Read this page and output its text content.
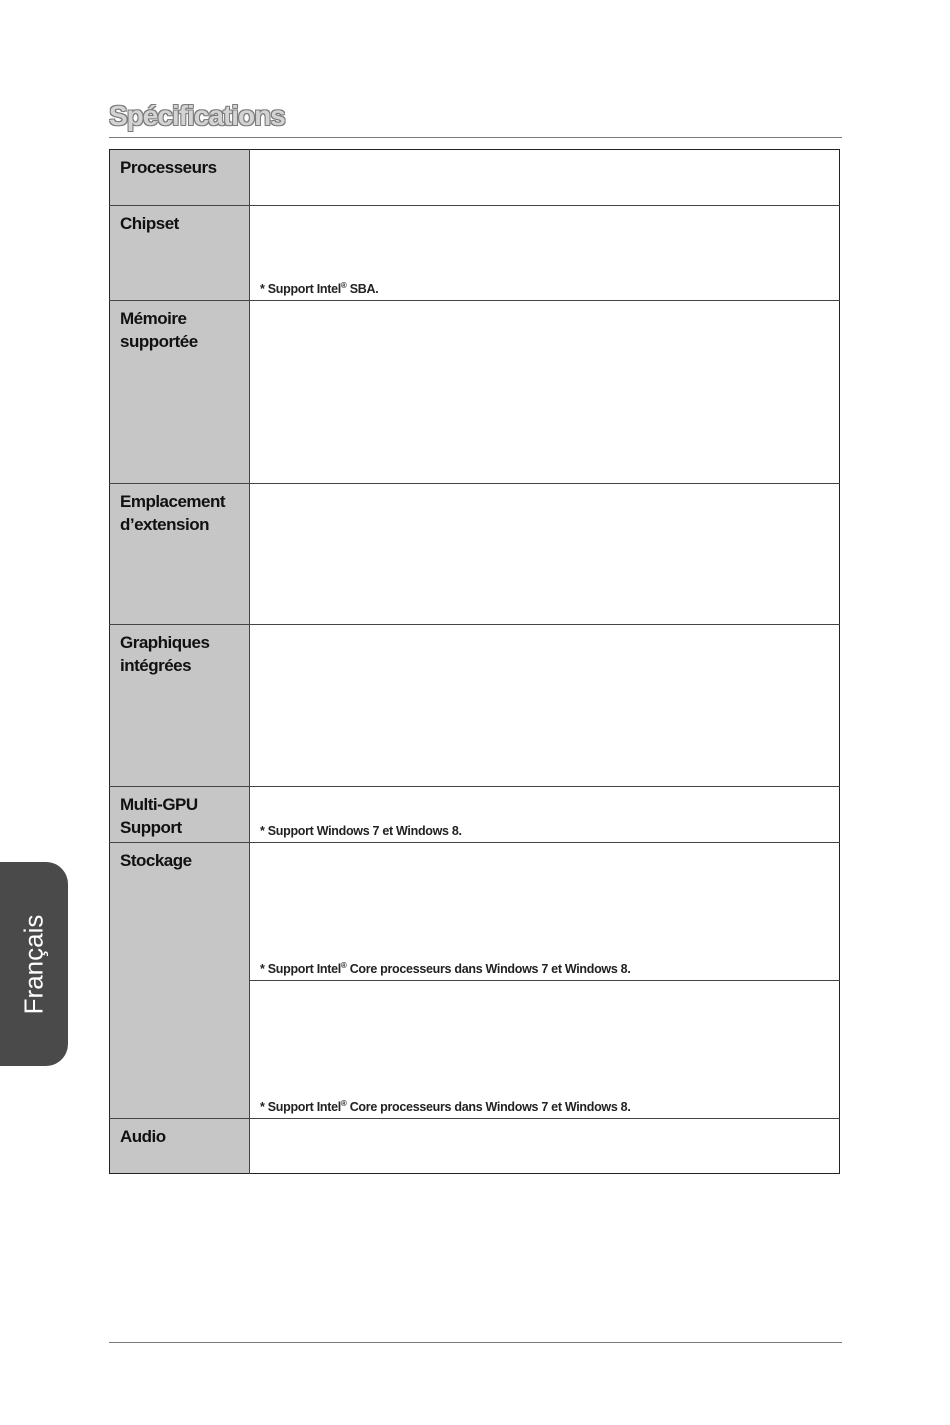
Spécifications
Processeurs	

Chipset	* Support Intel® SBA.

Mémoire supportée	

Emplacement d’extension	

Graphiques intégrées	

Multi-GPU Support	* Support Windows 7 et Windows 8.

Stockage	* Support Intel® Core processeurs dans Windows 7 et Windows 8.

	* Support Intel® Core processeurs dans Windows 7 et Windows 8.

Audio	

Français
